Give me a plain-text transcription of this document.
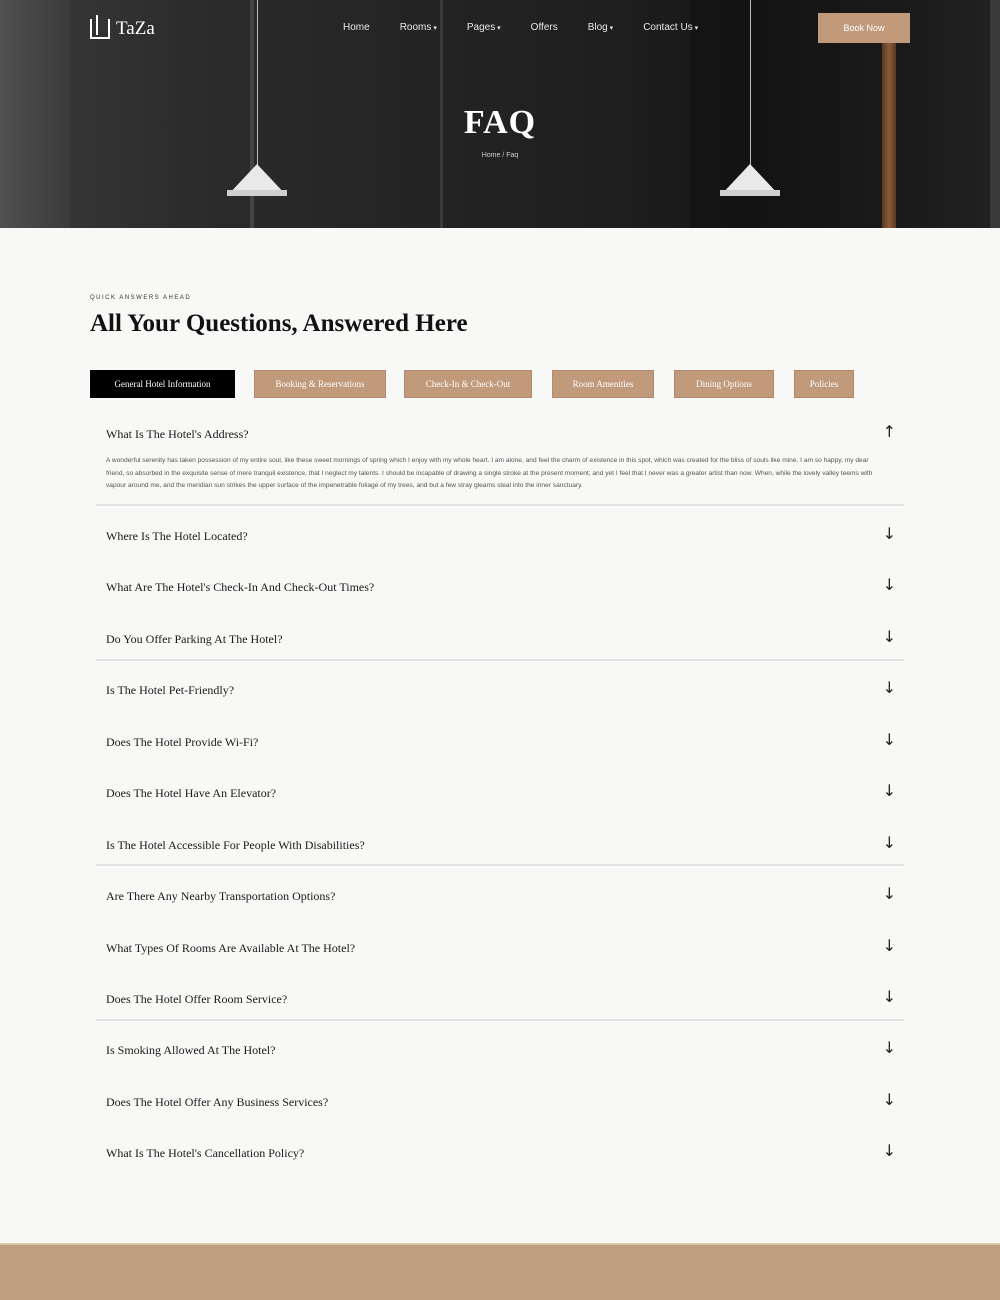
TaZa	Home	Rooms ▾	Pages ▾	Offers	Blog ▾	Contact Us ▾	Book Now
FAQ
Home / Faq
QUICK ANSWERS AHEAD
All Your Questions, Answered Here
General Hotel Information	Booking & Reservations	Check-In & Check-Out	Room Amenities	Dining Options	Policies
What Is The Hotel's Address?	↑
A wonderful serenity has taken possession of my entire soul, like these sweet mornings of spring which I enjoy with my whole heart. I am alone, and feel the charm of existence in this spot, which was created for the bliss of souls like mine. I am so happy, my dear friend, so absorbed in the exquisite sense of mere tranquil existence, that I neglect my talents. I should be incapable of drawing a single stroke at the present moment; and yet I feel that I never was a greater artist than now. When, while the lovely valley teems with vapour around me, and the meridian sun strikes the upper surface of the impenetrable foliage of my trees, and but a few stray gleams steal into the inner sanctuary.
Where Is The Hotel Located?	↓
What Are The Hotel's Check-In And Check-Out Times?	↓
Do You Offer Parking At The Hotel?	↓
Is The Hotel Pet-Friendly?	↓
Does The Hotel Provide Wi-Fi?	↓
Does The Hotel Have An Elevator?	↓
Is The Hotel Accessible For People With Disabilities?	↓
Are There Any Nearby Transportation Options?	↓
What Types Of Rooms Are Available At The Hotel?	↓
Does The Hotel Offer Room Service?	↓
Is Smoking Allowed At The Hotel?	↓
Does The Hotel Offer Any Business Services?	↓
What Is The Hotel's Cancellation Policy?	↓
